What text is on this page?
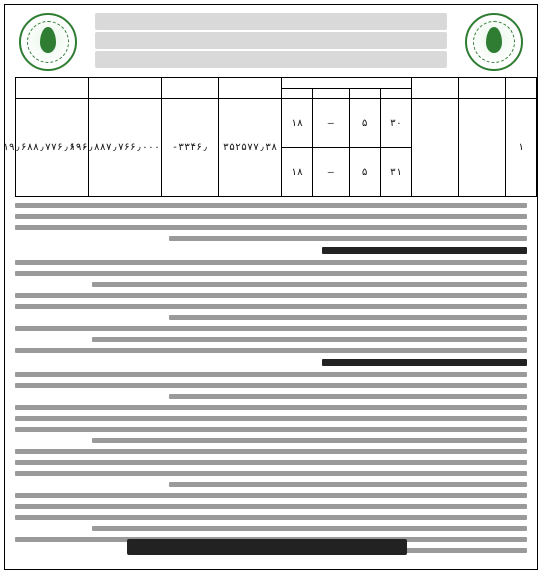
۱			۳۰	۵	–	۱۸	۳۵۲۵۷۷٫۳۸	۳۳۴۶٫-	۱۹۶٫۸۸۷٫۷۶۶٫۰۰۰	۱۹٫۶۸۸٫۷۷۶٫۶۰۰
			۳۱	۵	–	۱۸				
